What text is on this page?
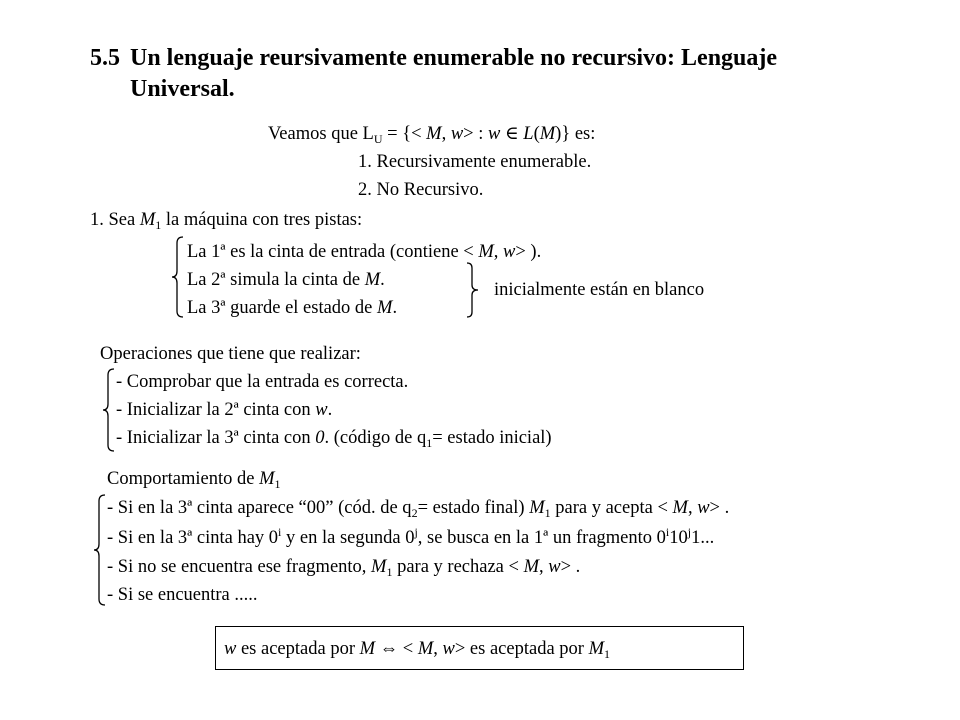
5.5 Un lenguaje reursivamente enumerable no recursivo: Lenguaje
Universal.
Veamos que $L_U$ = {< M, w> : w ∈ L(M)} es:
1. Recursivamente enumerable.
2. No Recursivo.
1. Sea $M_1$ la máquina con tres pistas:
La 1ª es la cinta de entrada (contiene < M, w> ).
La 2ª simula la cinta de M.
La 3ª guarde el estado de M.
inicialmente están en blanco
Operaciones que tiene que realizar:
- Comprobar que la entrada es correcta.
- Inicializar la 2ª cinta con w.
- Inicializar la 3ª cinta con 0. (código de $q_1=$ estado inicial)
Comportamiento de $M_1$
- Si en la 3ª cinta aparece “00” (cód. de $q_2=$ estado final) $M_1$ para y acepta < M, w> .
- Si en la 3ª cinta hay 0$^i$ y en la segunda 0$^j$, se busca en la 1ª un fragmento 0$^i$10$^j$1...
- Si no se encuentra ese fragmento, $M_1$ para y rechaza < M, w> .
- Si se encuentra .....
w es aceptada por M ⇔ < M, w> es aceptada por $M_1$
